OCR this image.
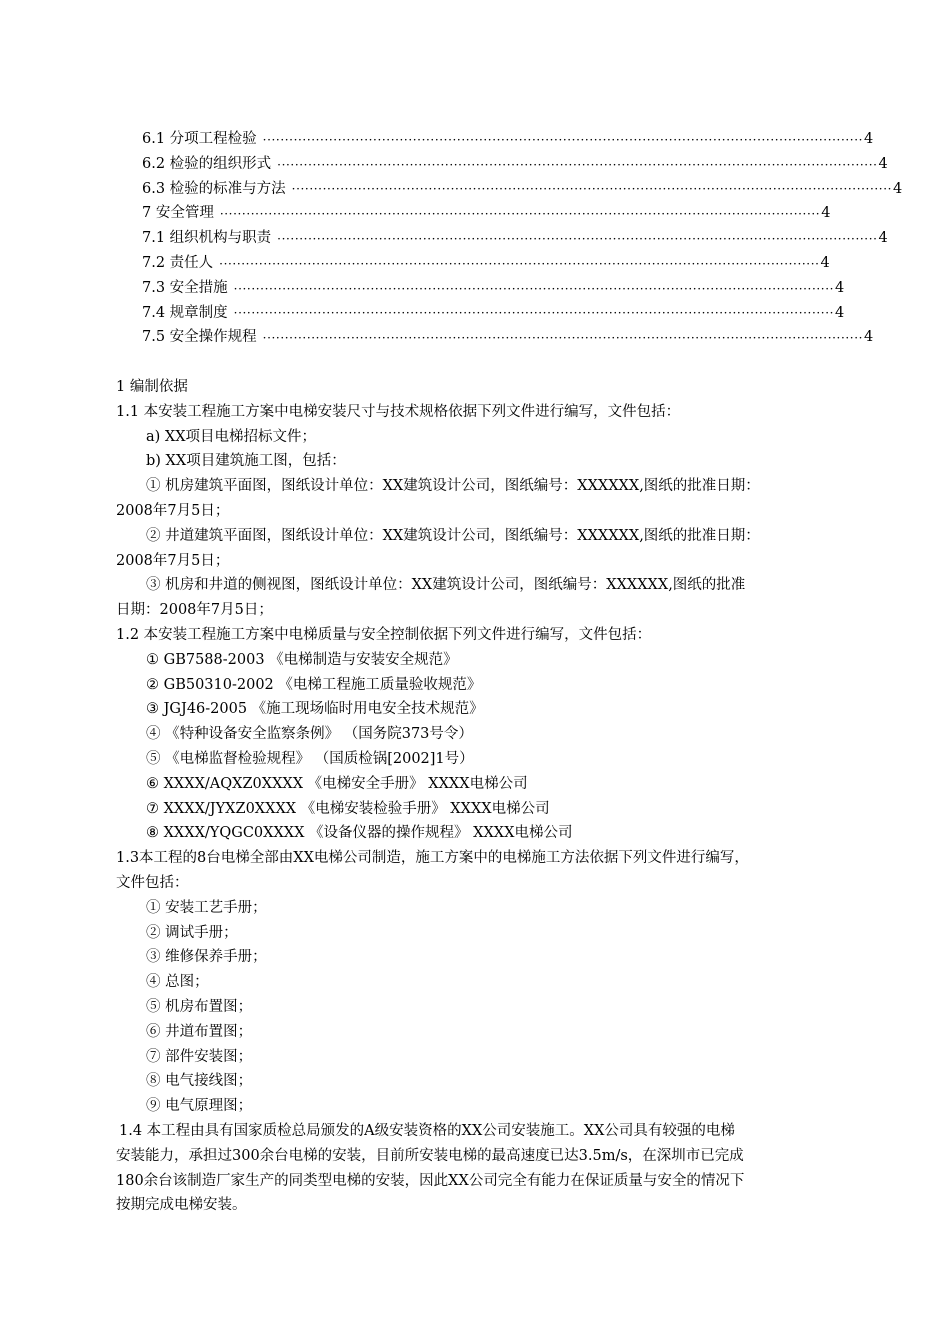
6.1 分项工程检验 ········································································································································ 4
6.2 检验的组织形式 ········································································································································ 4
6.3 检验的标准与方法 ········································································································································ 4
7 安全管理 ········································································································································ 4
7.1 组织机构与职责 ········································································································································ 4
7.2 责任人 ········································································································································ 4
7.3 安全措施 ········································································································································ 4
7.4 规章制度 ········································································································································ 4
7.5 安全操作规程 ········································································································································ 4
1 编制依据
1.1 本安装工程施工方案中电梯安装尺寸与技术规格依据下列文件进行编写，文件包括：
a) XX项目电梯招标文件；
b) XX项目建筑施工图，包括：
① 机房建筑平面图，图纸设计单位：XX建筑设计公司，图纸编号：XXXXXX,图纸的批准日期：
2008年7月5日；
② 井道建筑平面图，图纸设计单位：XX建筑设计公司，图纸编号：XXXXXX,图纸的批准日期：
2008年7月5日；
③ 机房和井道的侧视图，图纸设计单位：XX建筑设计公司，图纸编号：XXXXXX,图纸的批准
日期：2008年7月5日；
1.2 本安装工程施工方案中电梯质量与安全控制依据下列文件进行编写，文件包括：
① GB7588-2003 《电梯制造与安装安全规范》
② GB50310-2002 《电梯工程施工质量验收规范》
③ JGJ46-2005 《施工现场临时用电安全技术规范》
④ 《特种设备安全监察条例》 （国务院373号令）
⑤ 《电梯监督检验规程》 （国质检锅[2002]1号）
⑥ XXXX/AQXZ0XXXX 《电梯安全手册》 XXXX电梯公司
⑦ XXXX/JYXZ0XXXX 《电梯安装检验手册》 XXXX电梯公司
⑧ XXXX/YQGC0XXXX 《设备仪器的操作规程》 XXXX电梯公司
1.3本工程的8台电梯全部由XX电梯公司制造，施工方案中的电梯施工方法依据下列文件进行编写，
文件包括：
① 安装工艺手册；
② 调试手册；
③ 维修保养手册；
④ 总图；
⑤ 机房布置图；
⑥ 井道布置图；
⑦ 部件安装图；
⑧ 电气接线图；
⑨ 电气原理图；
1.4 本工程由具有国家质检总局颁发的A级安装资格的XX公司安装施工。XX公司具有较强的电梯
安装能力，承担过300余台电梯的安装，目前所安装电梯的最高速度已达3.5m/s，在深圳市已完成
180余台该制造厂家生产的同类型电梯的安装，因此XX公司完全有能力在保证质量与安全的情况下
按期完成电梯安装。
